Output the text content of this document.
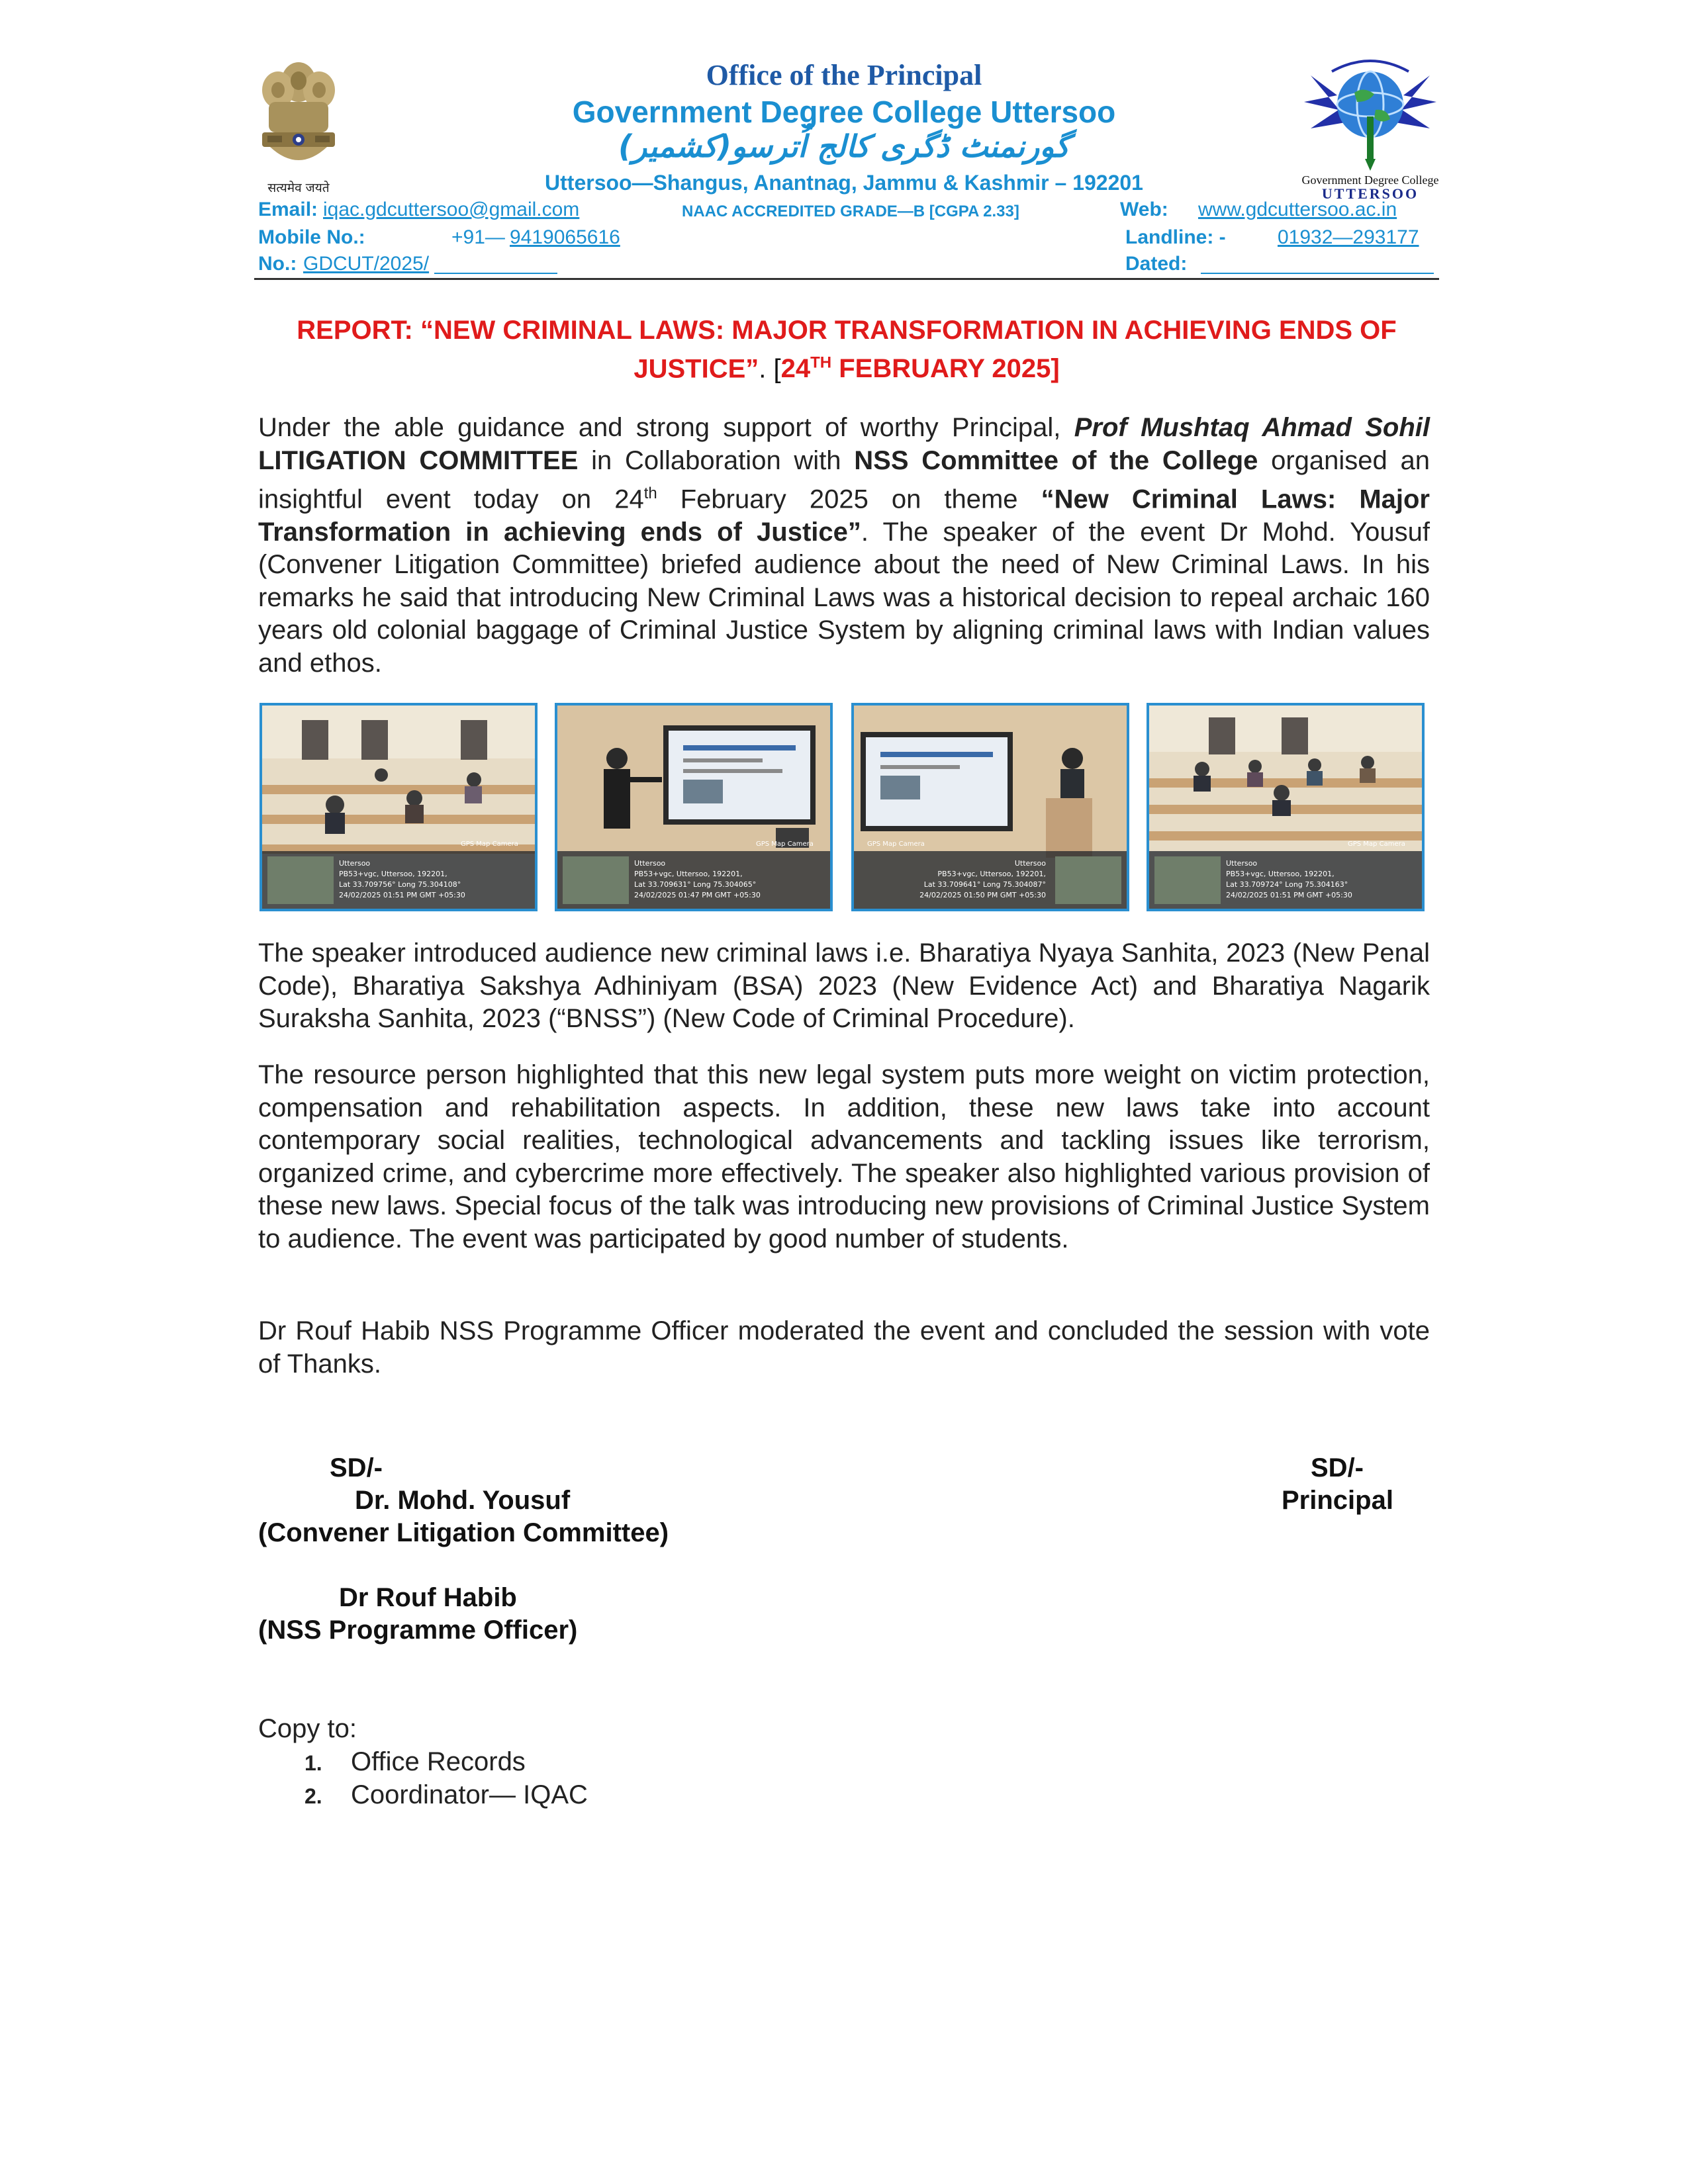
सत्यमेव जयते
Office of the Principal
Government Degree College Uttersoo
گورنمنٹ ڈگری کالج اُترسو(کشمیر)
Uttersoo—Shangus, Anantnag, Jammu & Kashmir – 192201	Government Degree College
UTTERSOO
Email: iqac.gdcuttersoo@gmail.com	NAAC ACCREDITED GRADE—B [CGPA 2.33]	Web: www.gdcuttersoo.ac.in
Mobile No.:	+91— 9419065616	Landline: -	01932—293177
No.: GDCUT/2025/	Dated:
REPORT: “NEW CRIMINAL LAWS: MAJOR TRANSFORMATION IN ACHIEVING ENDS OF JUSTICE”. [24TH FEBRUARY 2025]
Under the able guidance and strong support of worthy Principal, Prof Mushtaq Ahmad Sohil LITIGATION COMMITTEE in Collaboration with NSS Committee of the College organised an insightful event today on 24th February 2025 on theme “New Criminal Laws: Major Transformation in achieving ends of Justice”. The speaker of the event Dr Mohd. Yousuf (Convener Litigation Committee) briefed audience about the need of New Criminal Laws. In his remarks he said that introducing New Criminal Laws was a historical decision to repeal archaic 160 years old colonial baggage of Criminal Justice System by aligning criminal laws with Indian values and ethos.
Uttersoo
PB53+vgc, Uttersoo, 192201,
Lat 33.709756° Long 75.304108°
24/02/2025 01:51 PM GMT +05:30
GPS Map Camera
Uttersoo
PB53+vgc, Uttersoo, 192201,
Lat 33.709631° Long 75.304065°
24/02/2025 01:47 PM GMT +05:30
GPS Map Camera
Uttersoo
PB53+vgc, Uttersoo, 192201,
Lat 33.709641° Long 75.304087°
24/02/2025 01:50 PM GMT +05:30
GPS Map Camera
Uttersoo
PB53+vgc, Uttersoo, 192201,
Lat 33.709724° Long 75.304163°
24/02/2025 01:51 PM GMT +05:30
GPS Map Camera
The speaker introduced audience new criminal laws i.e. Bharatiya Nyaya Sanhita, 2023 (New Penal Code), Bharatiya Sakshya Adhiniyam (BSA) 2023 (New Evidence Act) and Bharatiya Nagarik Suraksha Sanhita, 2023 (“BNSS”) (New Code of Criminal Procedure).
The resource person highlighted that this new legal system puts more weight on victim protection, compensation and rehabilitation aspects. In addition, these new laws take into account contemporary social realities, technological advancements and tackling issues like terrorism, organized crime, and cybercrime more effectively. The speaker also highlighted various provision of these new laws. Special focus of the talk was introducing new provisions of Criminal Justice System to audience. The event was participated by good number of students.
Dr Rouf Habib NSS Programme Officer moderated the event and concluded the session with vote of Thanks.
SD/-
Dr. Mohd. Yousuf
(Convener Litigation Committee)
SD/-
Principal
Dr Rouf Habib
(NSS Programme Officer)
Copy to:
1. Office Records
2. Coordinator— IQAC
